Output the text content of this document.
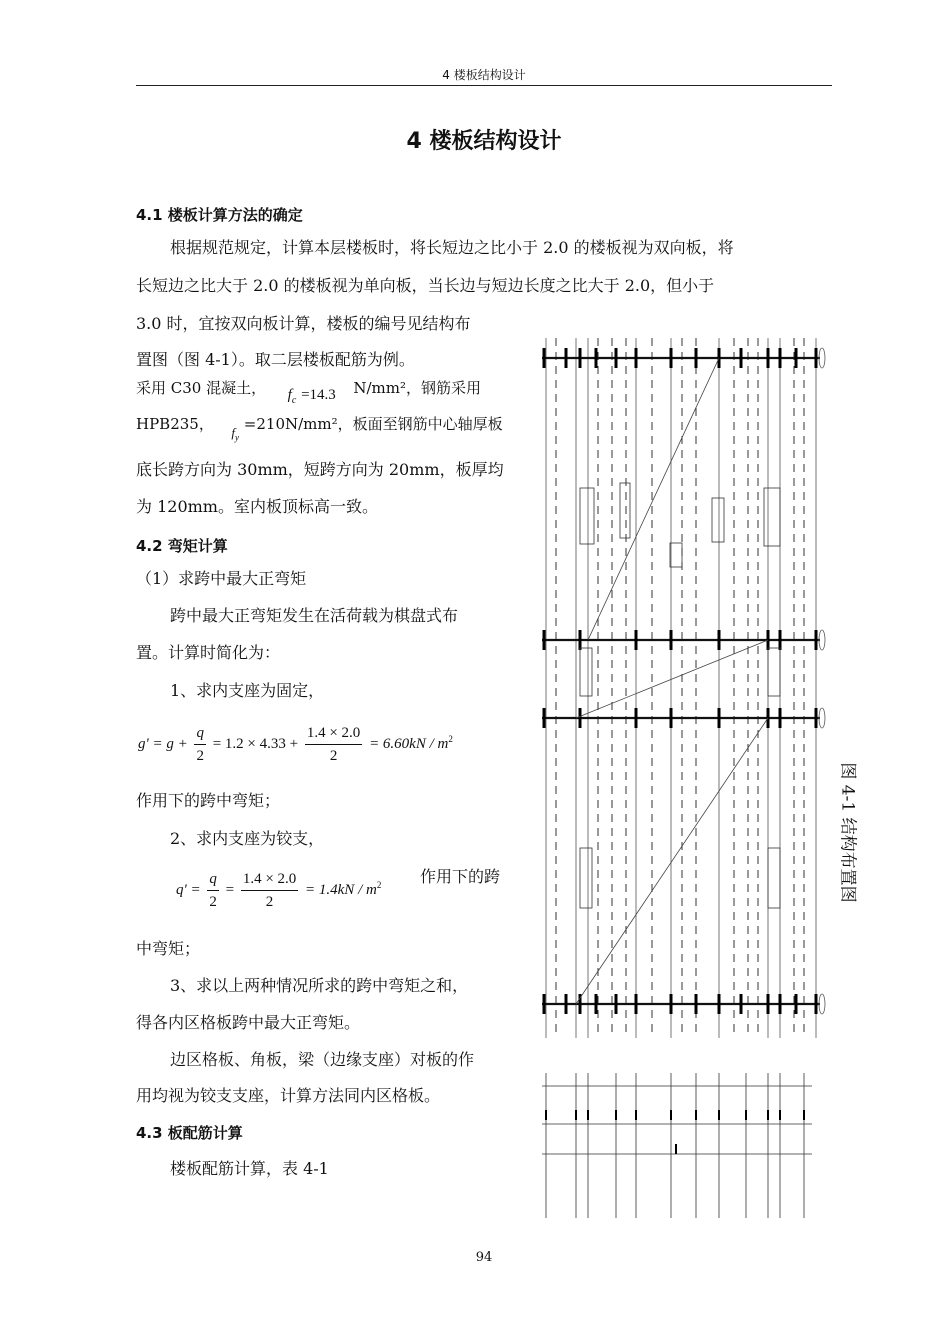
4 楼板结构设计
4 楼板结构设计
4.1 楼板计算方法的确定
根据规范规定，计算本层楼板时，将长短边之比小于 2.0 的楼板视为双向板，将
长短边之比大于 2.0 的楼板视为单向板，当长边与短边长度之比大于 2.0，但小于
3.0 时，宜按双向板计算，楼板的编号见结构布
置图（图 4-1）。取二层楼板配筋为例。
采用 C30 混凝土， $f_c =14.3$ N/mm²，钢筋采用
HPB235， $f_y =210N/mm^2$，板面至钢筋中心轴厚板
底长跨方向为 30mm，短跨方向为 20mm，板厚均
为 120mm。室内板顶标高一致。
4.2 弯矩计算
（1）求跨中最大正弯矩
跨中最大正弯矩发生在活荷载为棋盘式布
置。计算时简化为：
1、求内支座为固定，
$g' = g + \frac{q}{2} = 1.2 \times 4.33 + \frac{1.4 \times 2.0}{2} = 6.60kN / m^2$
作用下的跨中弯矩；
2、求内支座为铰支，
$q' = \frac{q}{2} = \frac{1.4 \times 2.0}{2} = 1.4kN / m^2$ 作用下的跨
中弯矩；
3、求以上两种情况所求的跨中弯矩之和，
得各内区格板跨中最大正弯矩。
边区格板、角板，梁（边缘支座）对板的作
用均视为铰支支座，计算方法同内区格板。
4.3 板配筋计算
楼板配筋计算，表 4-1
图 4-1 结构布置图
94
